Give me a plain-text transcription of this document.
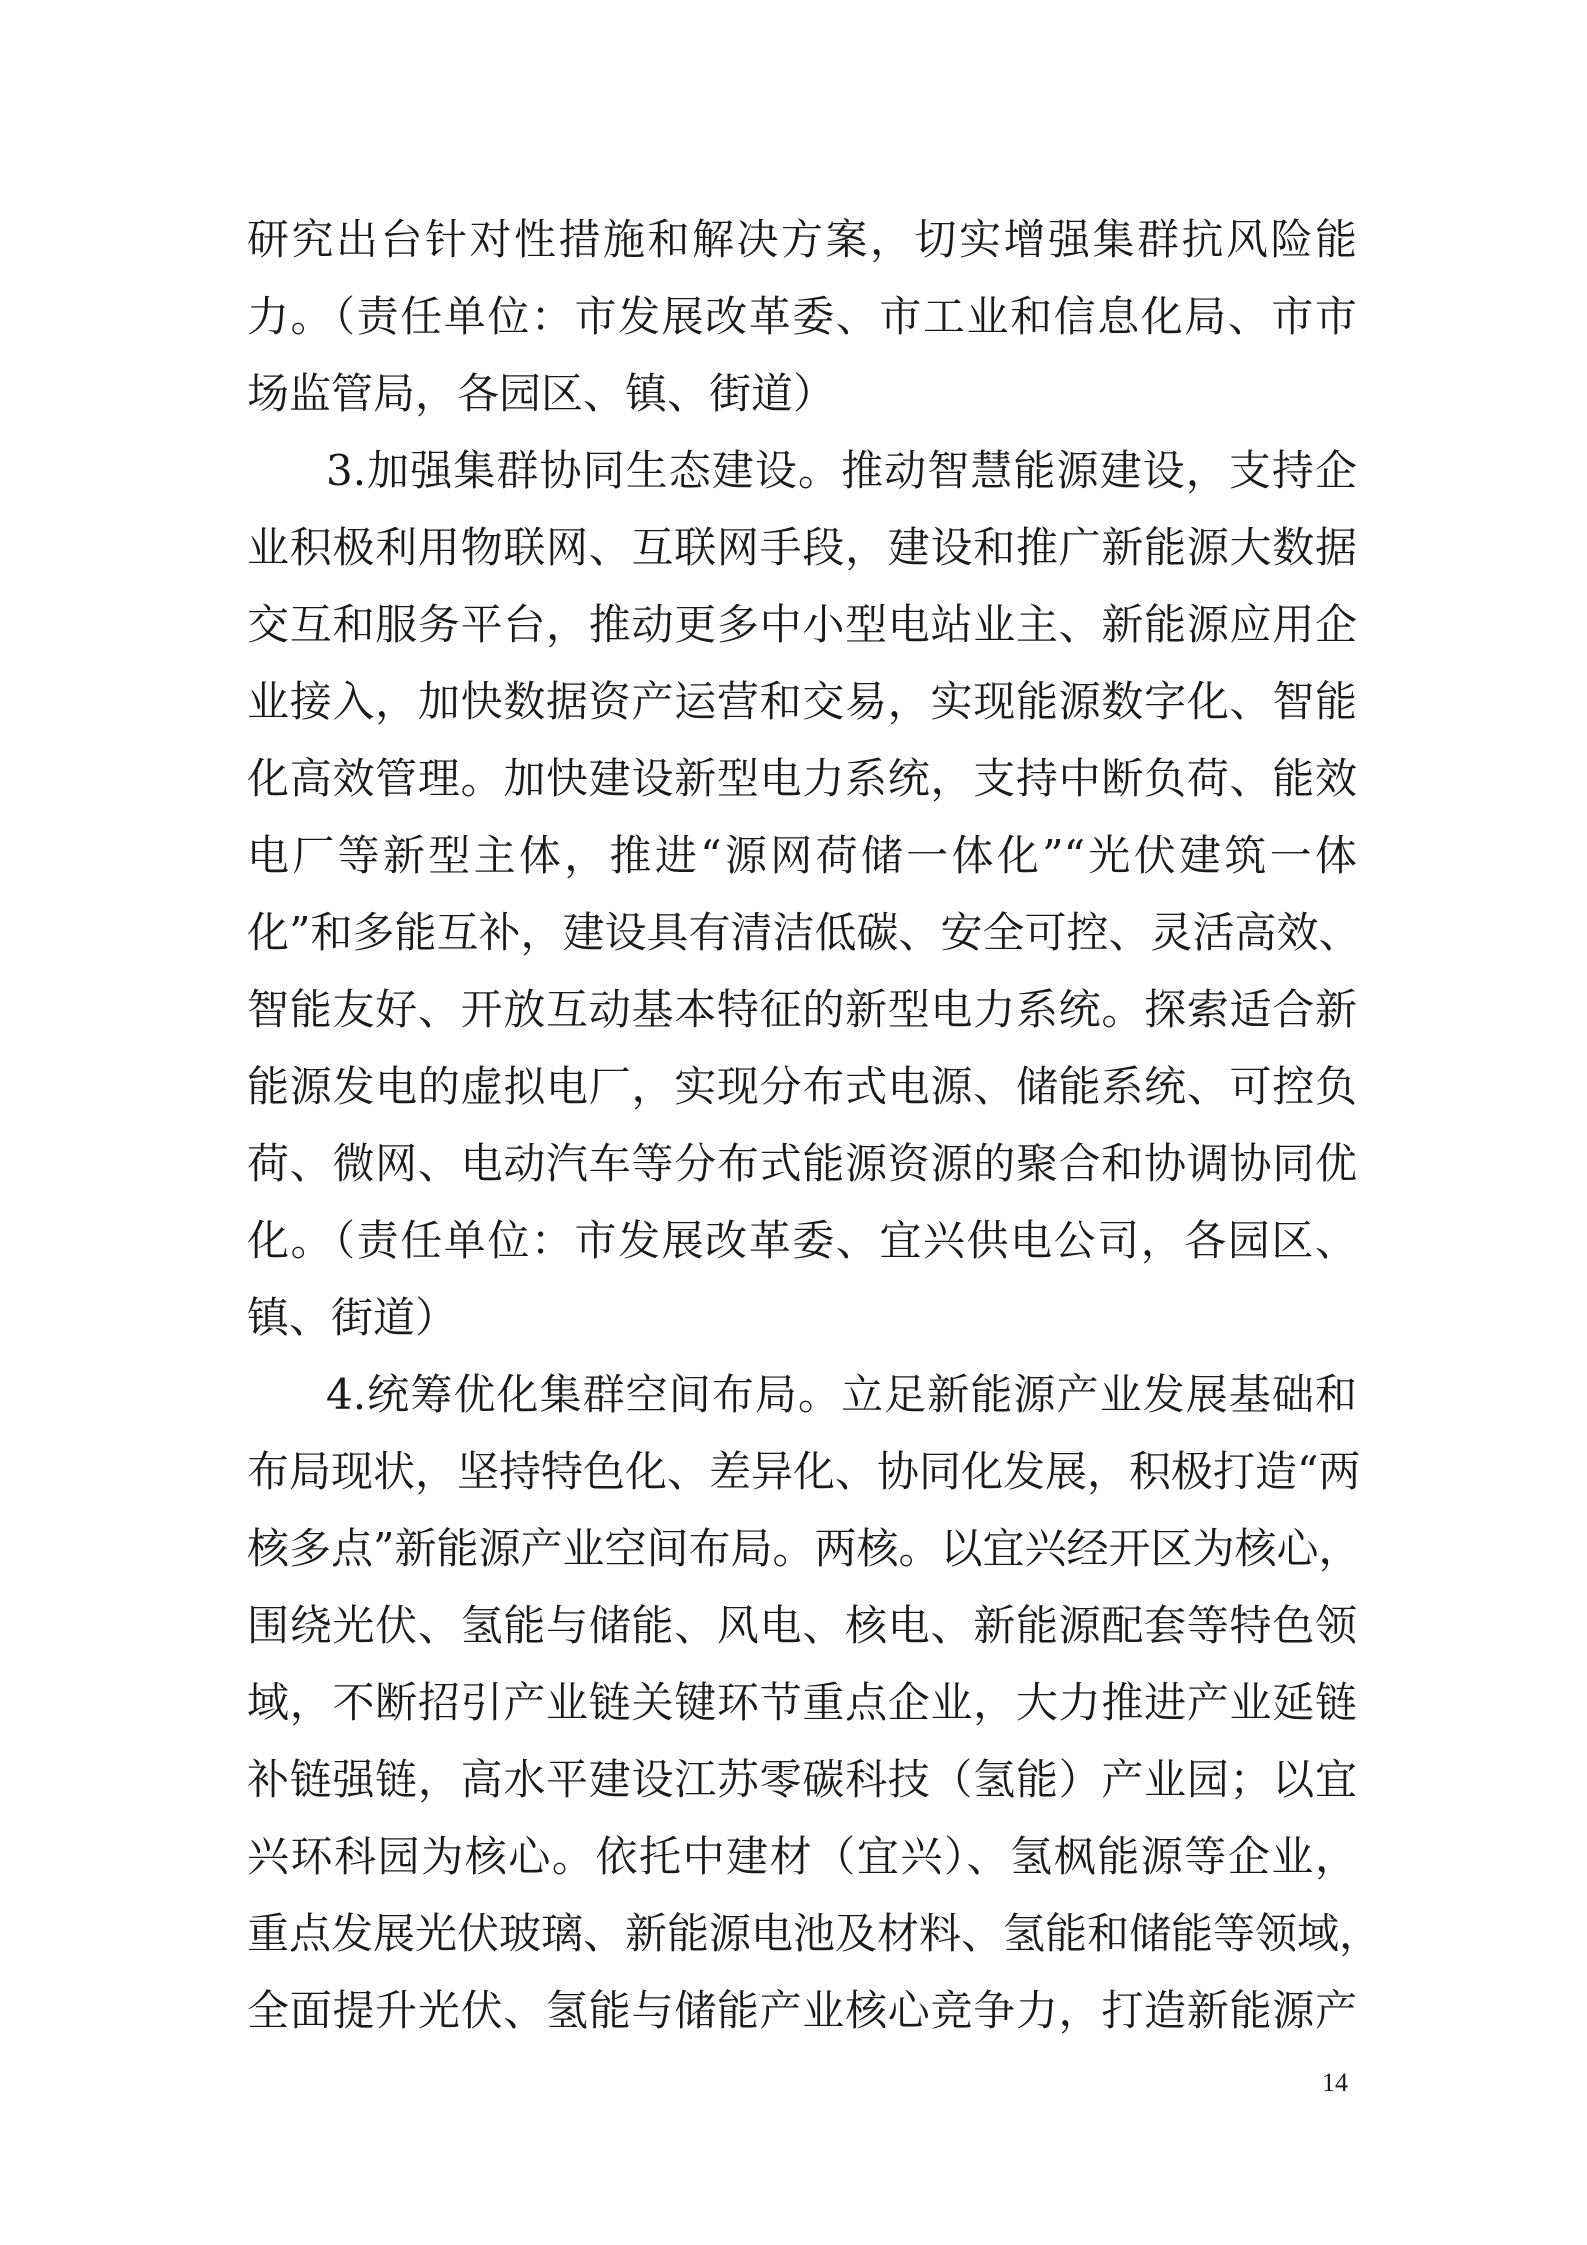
研究出台针对性措施和解决方案，切实增强集群抗风险能
力。（责任单位：市发展改革委、市工业和信息化局、市市
场监管局，各园区、镇、街道）
3.加强集群协同生态建设。推动智慧能源建设，支持企
业积极利用物联网、互联网手段，建设和推广新能源大数据
交互和服务平台，推动更多中小型电站业主、新能源应用企
业接入，加快数据资产运营和交易，实现能源数字化、智能
化高效管理。加快建设新型电力系统，支持中断负荷、能效
电厂等新型主体，推进“源网荷储一体化”“光伏建筑一体
化”和多能互补，建设具有清洁低碳、安全可控、灵活高效、
智能友好、开放互动基本特征的新型电力系统。探索适合新
能源发电的虚拟电厂，实现分布式电源、储能系统、可控负
荷、微网、电动汽车等分布式能源资源的聚合和协调协同优
化。（责任单位：市发展改革委、宜兴供电公司，各园区、
镇、街道）
4.统筹优化集群空间布局。立足新能源产业发展基础和
布局现状，坚持特色化、差异化、协同化发展，积极打造“两
核多点”新能源产业空间布局。两核。以宜兴经开区为核心，
围绕光伏、氢能与储能、风电、核电、新能源配套等特色领
域，不断招引产业链关键环节重点企业，大力推进产业延链
补链强链，高水平建设江苏零碳科技（氢能）产业园；以宜
兴环科园为核心。依托中建材（宜兴）、氢枫能源等企业，
重点发展光伏玻璃、新能源电池及材料、氢能和储能等领域，
全面提升光伏、氢能与储能产业核心竞争力，打造新能源产
14
